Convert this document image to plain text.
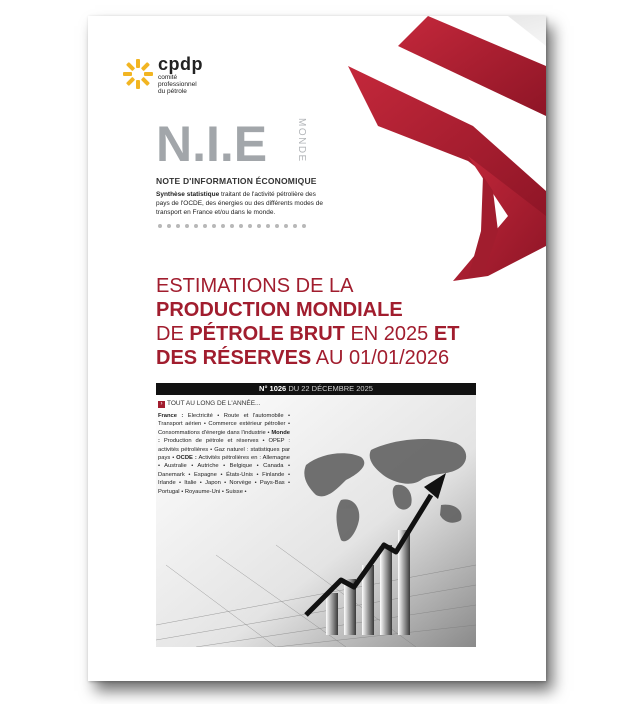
cpdp
comité
professionnel
du pétrole
N.I.E	MONDE
NOTE D'INFORMATION ÉCONOMIQUE
Synthèse statistique traitant de l'activité pétrolière des pays de l'OCDE, des énergies ou des différents modes de transport en France et/ou dans le monde.
ESTIMATIONS DE LA
PRODUCTION MONDIALE
DE PÉTROLE BRUT EN 2025 ET
DES RÉSERVES AU 01/01/2026
N° 1026 DU 22 DÉCEMBRE 2025
› TOUT AU LONG DE L'ANNÉE...
France : Electricité • Route et l'automobile • Transport aérien • Commerce extérieur pétrolier • Consommations d'énergie dans l'industrie • Monde : Production de pétrole et réserves • OPEP : activités pétrolières • Gaz naturel : statistiques par pays • OCDE : Activités pétrolières en : Allemagne • Australie • Autriche • Belgique • Canada • Danemark • Espagne • États-Unis • Finlande • Irlande • Italie • Japon • Norvège • Pays-Bas • Portugal • Royaume-Uni • Suisse •
